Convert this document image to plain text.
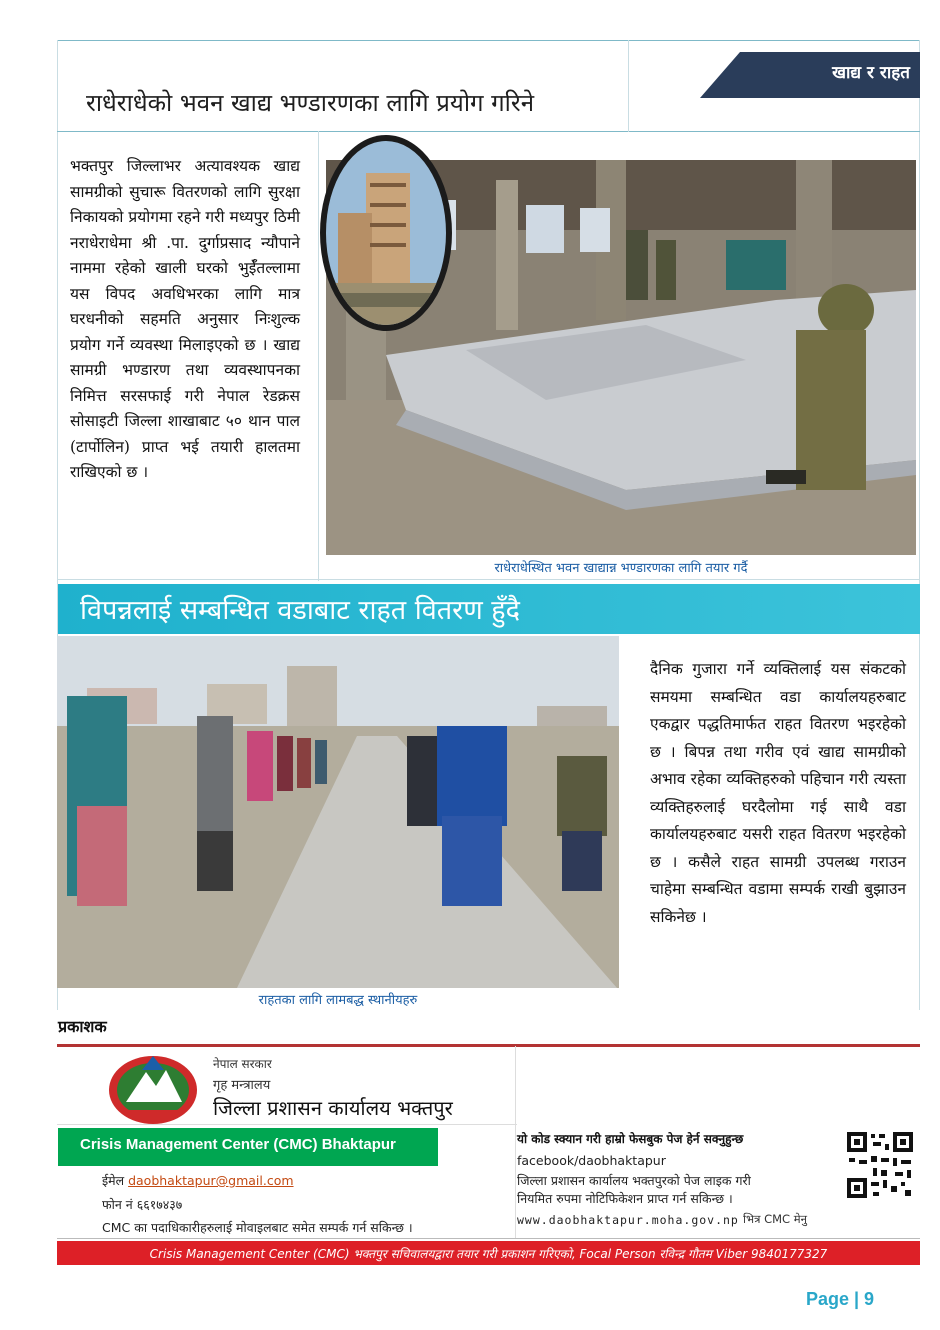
खाद्य र राहत
राधेराधेको भवन खाद्य भण्डारणका लागि प्रयोग गरिने
भक्तपुर जिल्लाभर अत्यावश्यक खाद्य सामग्रीको सुचारू वितरणको लागि सुरक्षा निकायको प्रयोगमा रहने गरी मध्यपुर ठिमी नराधेराधेमा श्री .पा. दुर्गाप्रसाद न्यौपाने नाममा रहेको खाली घरको भुईँतल्लामा यस विपद अवधिभरका लागि मात्र घरधनीको सहमति अनुसार निःशुल्क प्रयोग गर्ने व्यवस्था मिलाइएको छ । खाद्य सामग्री भण्डारण तथा व्यवस्थापनका निमित्त सरसफाई गरी नेपाल रेडक्रस सोसाइटी जिल्ला शाखाबाट ५० थान पाल (टार्पोलिन) प्राप्त भई तयारी हालतमा राखिएको छ ।
राधेराधेस्थित भवन खाद्यान्न भण्डारणका लागि तयार गर्दै
विपन्नलाई सम्बन्धित वडाबाट राहत वितरण हुँदै
राहतका लागि लामबद्ध स्थानीयहरु
दैनिक गुजारा गर्ने व्यक्तिलाई यस संकटको समयमा सम्बन्धित वडा कार्यालयहरुबाट एकद्वार पद्धतिमार्फत राहत वितरण भइरहेको छ । बिपन्न तथा गरीव एवं खाद्य सामग्रीको अभाव रहेका व्यक्तिहरुको पहिचान गरी त्यस्ता व्यक्तिहरुलाई घरदैलोमा गई साथै वडा कार्यालयहरुबाट यसरी राहत वितरण भइरहेको छ । कसैले राहत सामग्री उपलब्ध गराउन चाहेमा सम्बन्धित वडामा सम्पर्क राखी बुझाउन सकिनेछ ।
प्रकाशक
नेपाल सरकार
गृह मन्त्रालय
जिल्ला प्रशासन कार्यालय भक्तपुर
Crisis Management Center (CMC) Bhaktapur
ईमेल daobhaktapur@gmail.com
फोन नं ६६१७४३७
CMC का पदाधिकारीहरुलाई मोवाइलबाट समेत सम्पर्क गर्न सकिन्छ ।
यो कोड स्क्यान गरी हाम्रो फेसबुक पेज हेर्न सक्नुहुन्छ
facebook/daobhaktapur
जिल्ला प्रशासन कार्यालय भक्तपुरको पेज लाइक गरी
नियमित रुपमा नोटिफिकेशन प्राप्त गर्न सकिन्छ ।
www.daobhaktapur.moha.gov.np भित्र CMC मेनु
Crisis Management Center (CMC) भक्तपुर सचिवालयद्वारा तयार गरी प्रकाशन गरिएको, Focal Person रविन्द्र गौतम Viber 9840177327
Page | 9
